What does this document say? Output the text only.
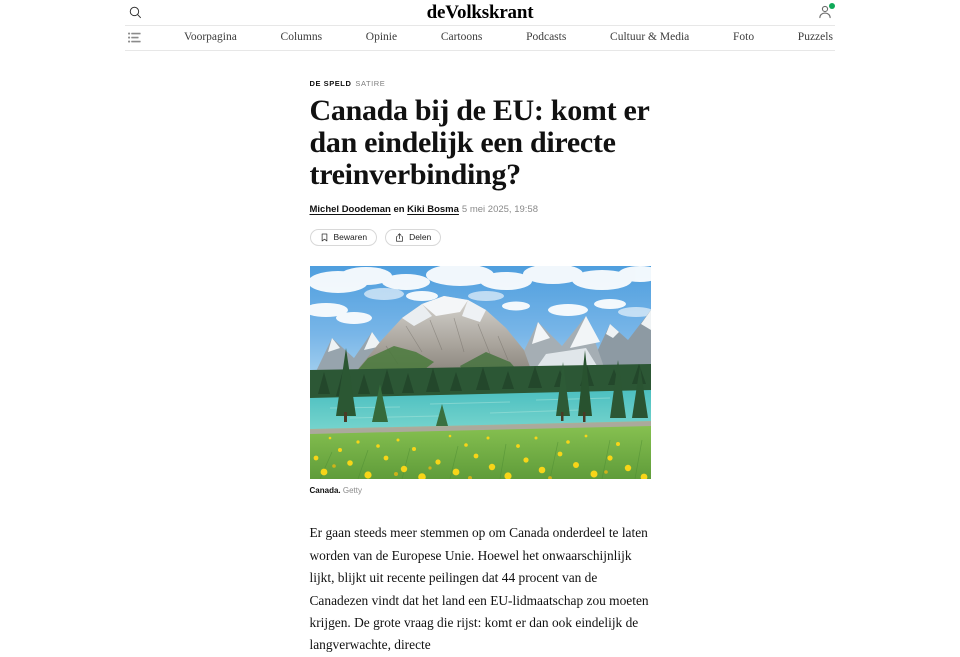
deVolkskrant
Voorpagina	Columns	Opinie	Cartoons	Podcasts	Cultuur & Media	Foto	Puzzels
DE SPELD SATIRE
Canada bij de EU: komt er dan eindelijk een directe treinverbinding?
Michel Doodeman en Kiki Bosma 5 mei 2025, 19:58
Bewaren	Delen
Canada. Getty

Er gaan steeds meer stemmen op om Canada onderdeel te laten worden van de Europese Unie. Hoewel het onwaarschijnlijk lijkt, blijkt uit recente peilingen dat 44 procent van de Canadezen vindt dat het land een EU-lidmaatschap zou moeten krijgen. De grote vraag die rijst: komt er dan ook eindelijk de langverwachte, directe
